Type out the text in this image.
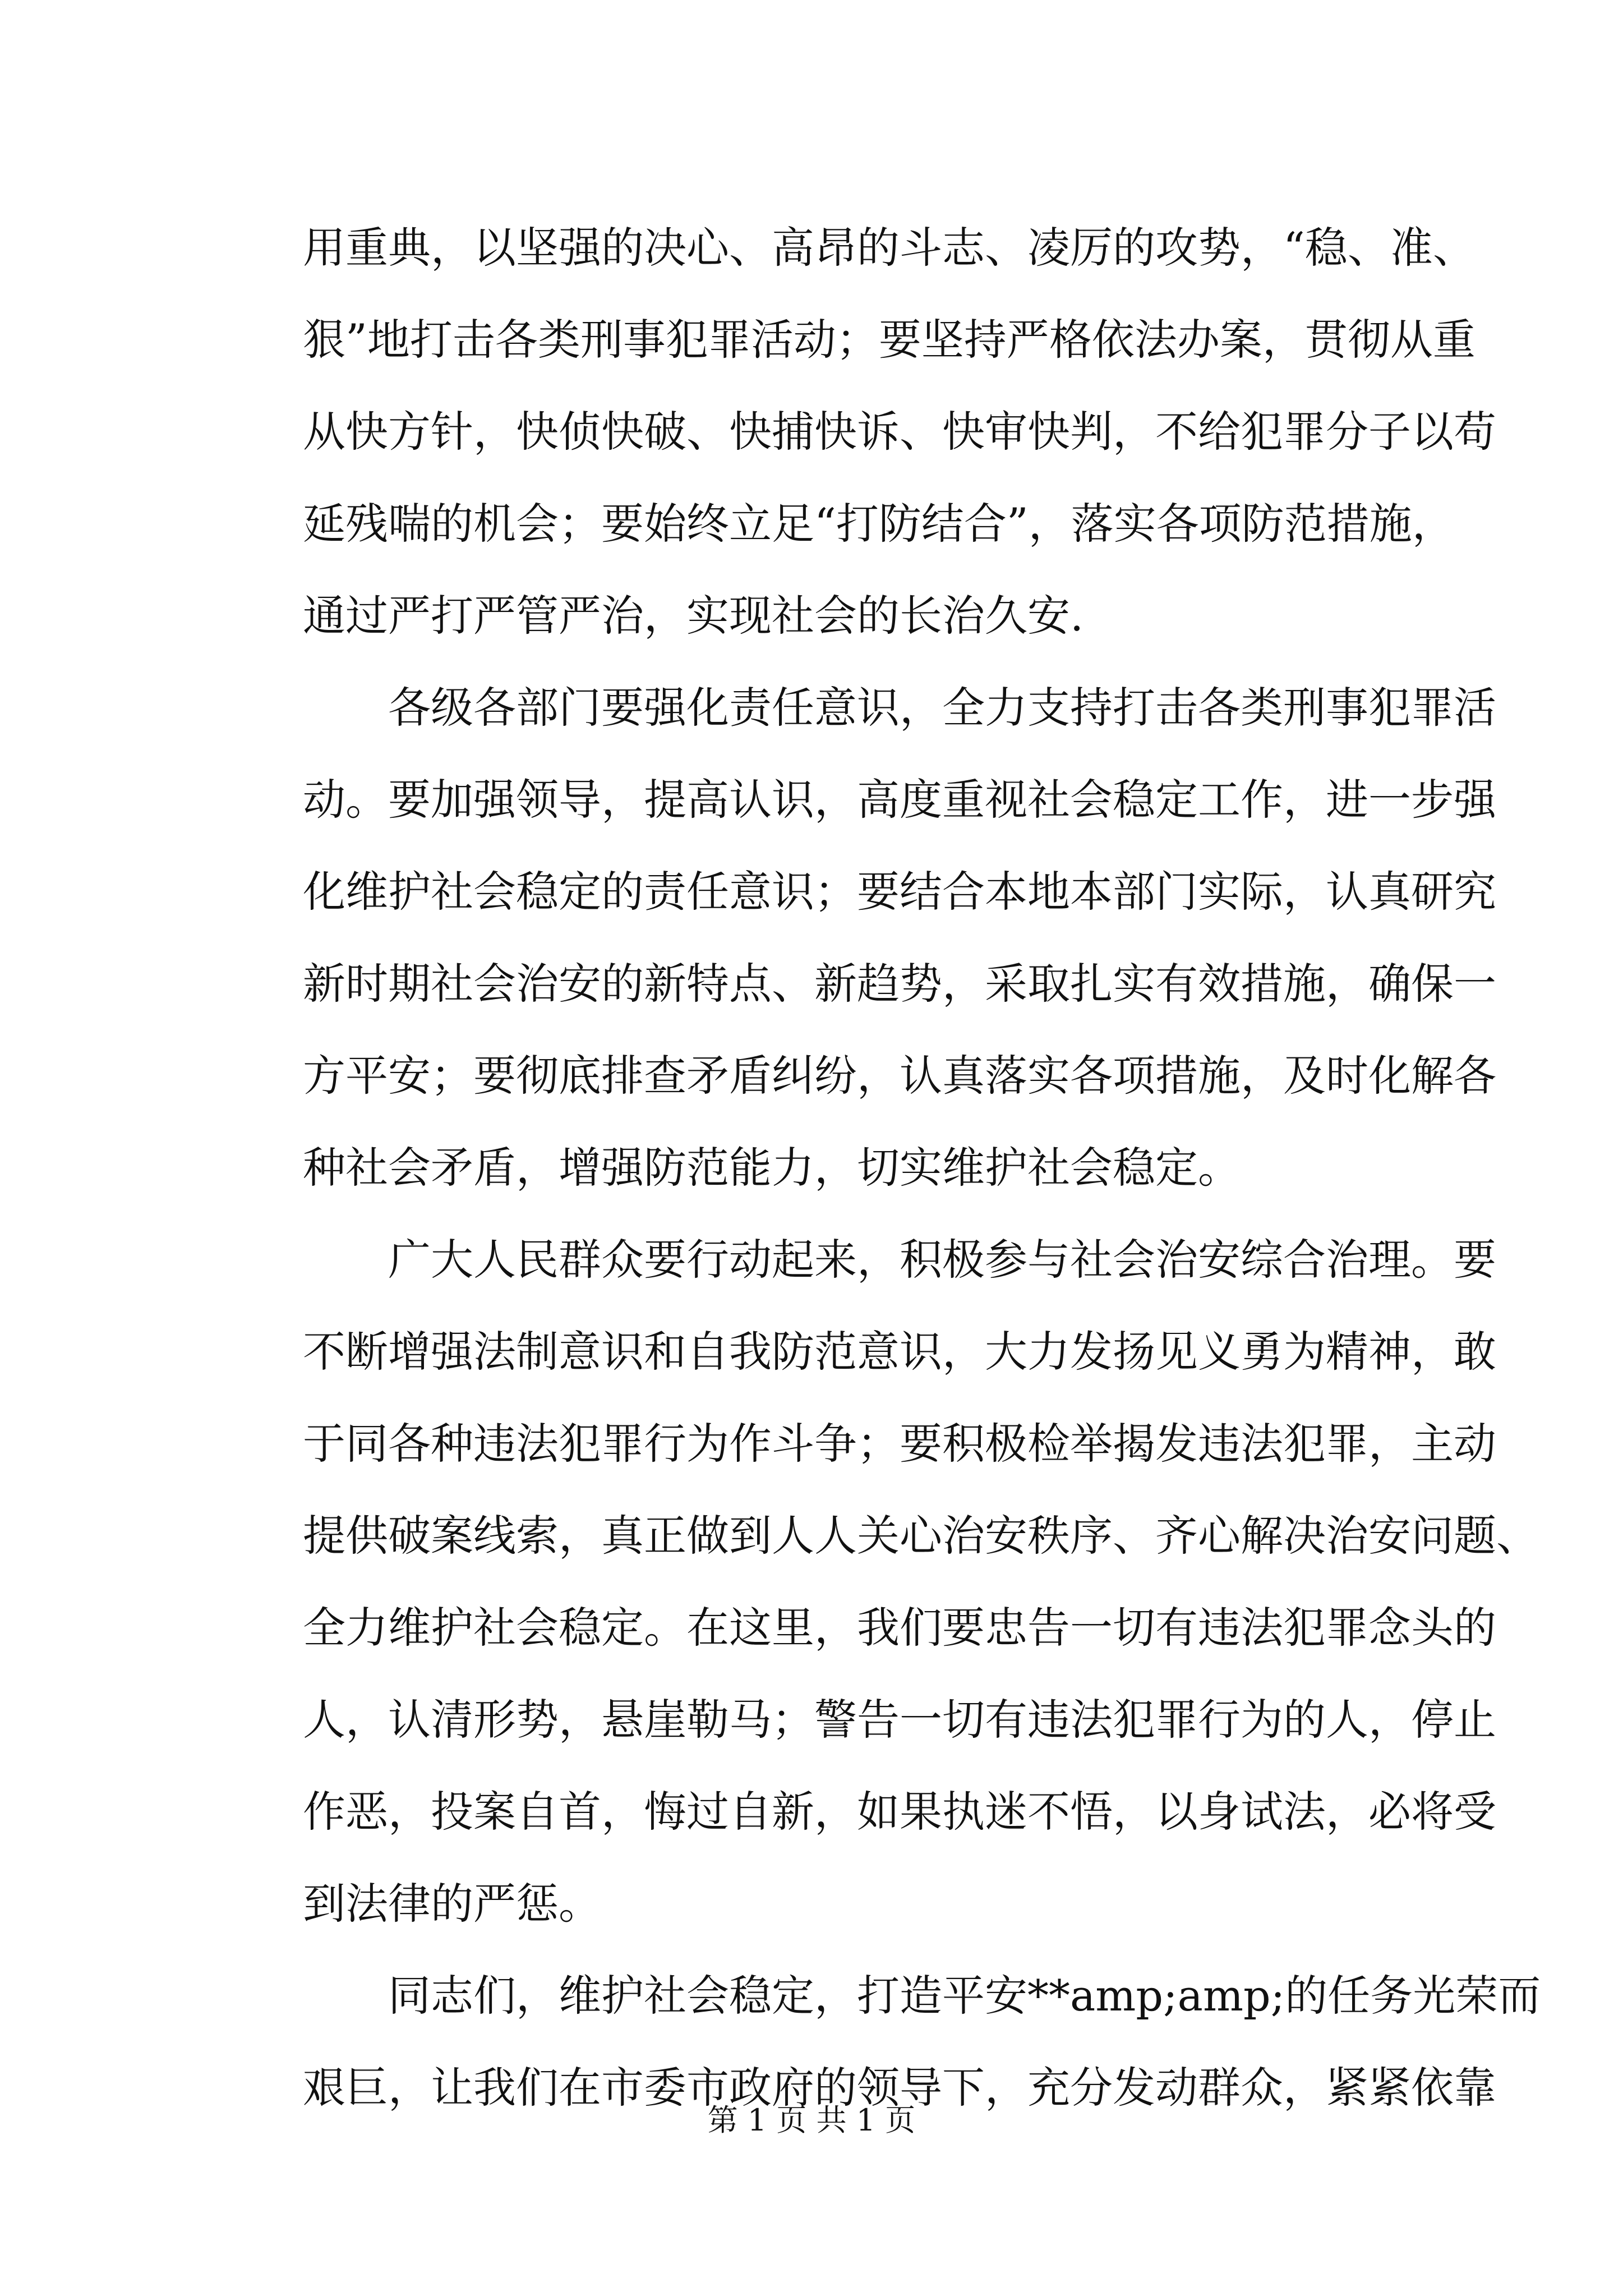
用重典，以坚强的决心、高昂的斗志、凌厉的攻势，“稳、准、
狠”地打击各类刑事犯罪活动；要坚持严格依法办案，贯彻从重
从快方针，快侦快破、快捕快诉、快审快判，不给犯罪分子以苟
延残喘的机会；要始终立足“打防结合”，落实各项防范措施，
通过严打严管严治，实现社会的长治久安.
各级各部门要强化责任意识，全力支持打击各类刑事犯罪活
动。要加强领导，提高认识，高度重视社会稳定工作，进一步强
化维护社会稳定的责任意识；要结合本地本部门实际，认真研究
新时期社会治安的新特点、新趋势，采取扎实有效措施，确保一
方平安；要彻底排查矛盾纠纷，认真落实各项措施，及时化解各
种社会矛盾，增强防范能力，切实维护社会稳定。
广大人民群众要行动起来，积极参与社会治安综合治理。要
不断增强法制意识和自我防范意识，大力发扬见义勇为精神，敢
于同各种违法犯罪行为作斗争；要积极检举揭发违法犯罪，主动
提供破案线索，真正做到人人关心治安秩序、齐心解决治安问题、
全力维护社会稳定。在这里，我们要忠告一切有违法犯罪念头的
人，认清形势，悬崖勒马；警告一切有违法犯罪行为的人，停止
作恶，投案自首，悔过自新，如果执迷不悟，以身试法，必将受
到法律的严惩。
同志们，维护社会稳定，打造平安**amp;amp;的任务光荣而
艰巨，让我们在市委市政府的领导下，充分发动群众，紧紧依靠
第 1 页 共 1 页
